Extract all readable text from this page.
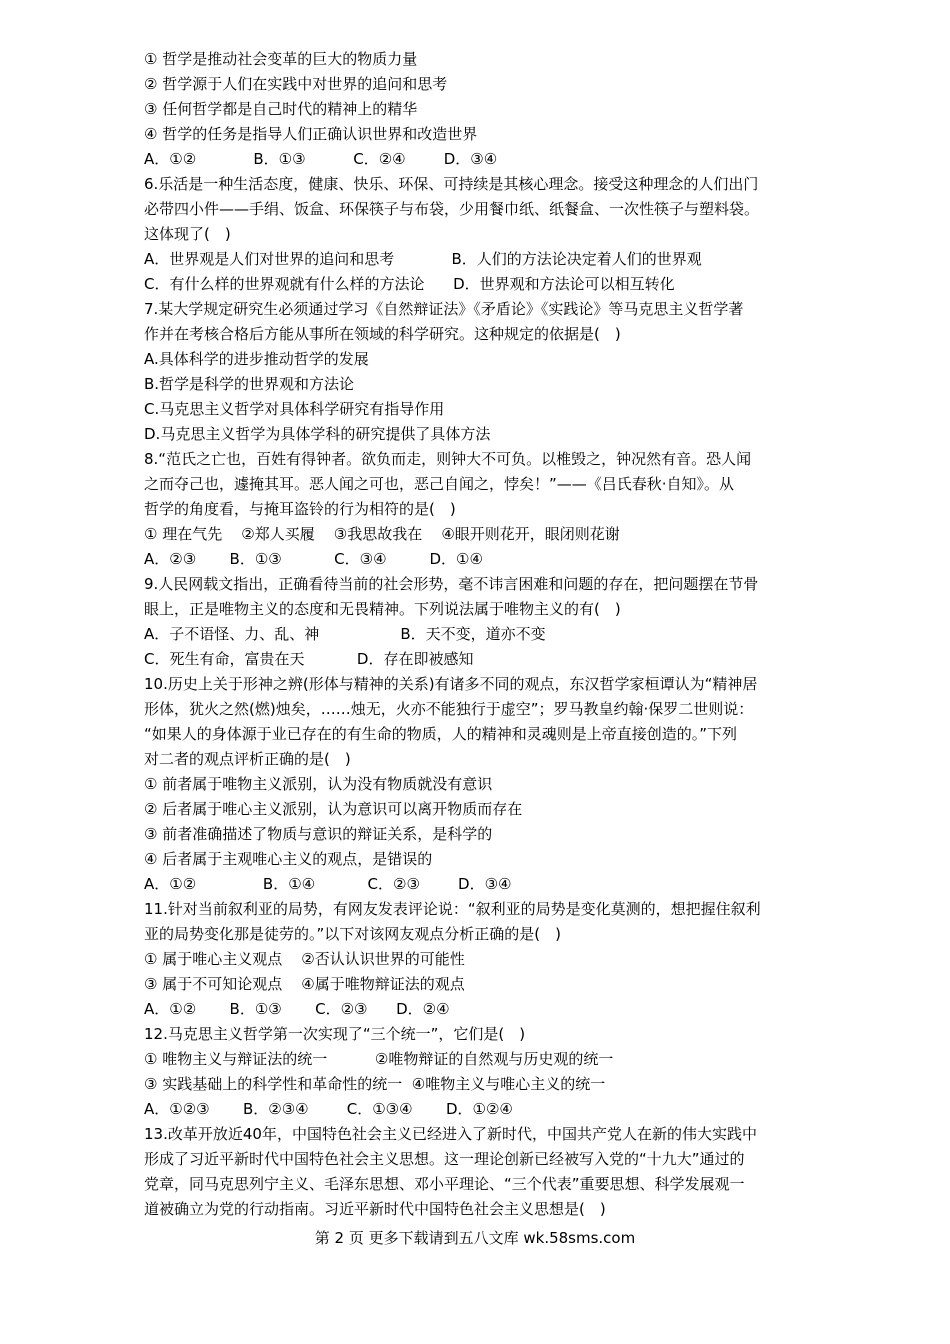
① 哲学是推动社会变革的巨大的物质力量
② 哲学源于人们在实践中对世界的追问和思考
③ 任何哲学都是自己时代的精神上的精华
④ 哲学的任务是指导人们正确认识世界和改造世界
A．①②            B．①③          C．②④        D．③④
6.乐活是一种生活态度，健康、快乐、环保、可持续是其核心理念。接受这种理念的人们出门
必带四小件——手绢、饭盒、环保筷子与布袋，少用餐巾纸、纸餐盒、一次性筷子与塑料袋。
这体现了(　)
A．世界观是人们对世界的追问和思考            B．人们的方法论决定着人们的世界观
C．有什么样的世界观就有什么样的方法论      D．世界观和方法论可以相互转化
7.某大学规定研究生必须通过学习《自然辩证法》《矛盾论》《实践论》等马克思主义哲学著
作并在考核合格后方能从事所在领域的科学研究。这种规定的依据是(　)
A.具体科学的进步推动哲学的发展
B.哲学是科学的世界观和方法论
C.马克思主义哲学对具体科学研究有指导作用
D.马克思主义哲学为具体学科的研究提供了具体方法
8.“范氏之亡也，百姓有得钟者。欲负而走，则钟大不可负。以椎毁之，钟况然有音。恐人闻
之而夺己也，遽掩其耳。恶人闻之可也，恶己自闻之，悖矣！”——《吕氏春秋·自知》。从
哲学的角度看，与掩耳盗铃的行为相符的是(　)
① 理在气先    ②郑人买履    ③我思故我在    ④眼开则花开，眼闭则花谢
A．②③       B．①③           C．③④         D．①④
9.人民网载文指出，正确看待当前的社会形势，毫不讳言困难和问题的存在，把问题摆在节骨
眼上，正是唯物主义的态度和无畏精神。下列说法属于唯物主义的有(　)
A．子不语怪、力、乱、神                 B．天不变，道亦不变
C．死生有命，富贵在天           D．存在即被感知
10.历史上关于形神之辨(形体与精神的关系)有诸多不同的观点，东汉哲学家桓谭认为“精神居
形体，犹火之然(燃)烛矣，……烛无，火亦不能独行于虚空”；罗马教皇约翰·保罗二世则说：
“如果人的身体源于业已存在的有生命的物质，人的精神和灵魂则是上帝直接创造的。”下列
对二者的观点评析正确的是(　)
① 前者属于唯物主义派别，认为没有物质就没有意识
② 后者属于唯心主义派别，认为意识可以离开物质而存在
③ 前者准确描述了物质与意识的辩证关系，是科学的
④ 后者属于主观唯心主义的观点，是错误的
A．①②              B．①④           C．②③        D．③④
11.针对当前叙利亚的局势，有网友发表评论说：“叙利亚的局势是变化莫测的，想把握住叙利
亚的局势变化那是徒劳的。”以下对该网友观点分析正确的是(　)
① 属于唯心主义观点    ②否认认识世界的可能性
③ 属于不可知论观点    ④属于唯物辩证法的观点
A．①②       B．①③       C．②③      D．②④
12.马克思主义哲学第一次实现了“三个统一”，它们是(　)
① 唯物主义与辩证法的统一          ②唯物辩证的自然观与历史观的统一
③ 实践基础上的科学性和革命性的统一  ④唯物主义与唯心主义的统一
A．①②③       B．②③④        C．①③④       D．①②④
13.改革开放近40年，中国特色社会主义已经进入了新时代，中国共产党人在新的伟大实践中
形成了习近平新时代中国特色社会主义思想。这一理论创新已经被写入党的“十九大”通过的
党章，同马克思列宁主义、毛泽东思想、邓小平理论、“三个代表”重要思想、科学发展观一
道被确立为党的行动指南。习近平新时代中国特色社会主义思想是(　)
第 2 页 更多下载请到五八文库 wk.58sms.com
